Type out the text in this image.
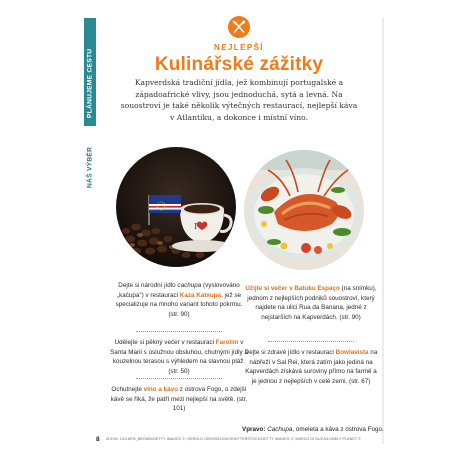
PLÁNUJEME CESTU
NÁŠ VÝBĚR
NEJLEPŠÍ
Kulinářské zážitky
Kapverdská tradiční jídla, jež kombinují portugalské a západoafrické vlivy, jsou jednoduchá, sytá a levná. Na souostroví je také několik výtečných restaurací, nejlepší káva v Atlantiku, a dokonce i místní víno.
I
Dejte si národní jídlo cachupa (vyslovováno „kačupa") v restauraci Kaza Katxupa, jež se specializuje na mnoho variant tohoto pokrmu. (str. 90)
Udělejte si pěkný večer v restauraci Farolim v Santa Marii s úslužnou obsluhou, chutnými jídly a kouzelnou terasou s výhledem na slavnou pláž. (str. 50)
Ochutnejte víno a kávu z ostrova Fogo, o zdejší kávě se říká, že patří mezi nejlepší na světě. (str. 101)
Užijte si večer v Batuku Espaço (na snímku), jednom z nejlepších podniků souostroví, který najdete na ulici Rua da Banana, jedné z nejstarších na Kapverdách. (str. 90)
Dejte si zdravé jídlo v restauraci Bowlavista na nábřeží v Sal Rei, která zatím jako jediná na Kapverdách získává suroviny přímo na farmě a je jednou z nejlepších v celé zemi. (str. 67)
Vpravo: Cachupa, omeleta a káva z ostrova Fogo.
8 ZLEVA: GOLDEN_BROWN/GETTY IMAGES ©; GEROLD GROSSELIND/SHUTTERSTOCK/GETTY IMAGES ©; MARCO DI DUCA/LONELY PLANET ©
